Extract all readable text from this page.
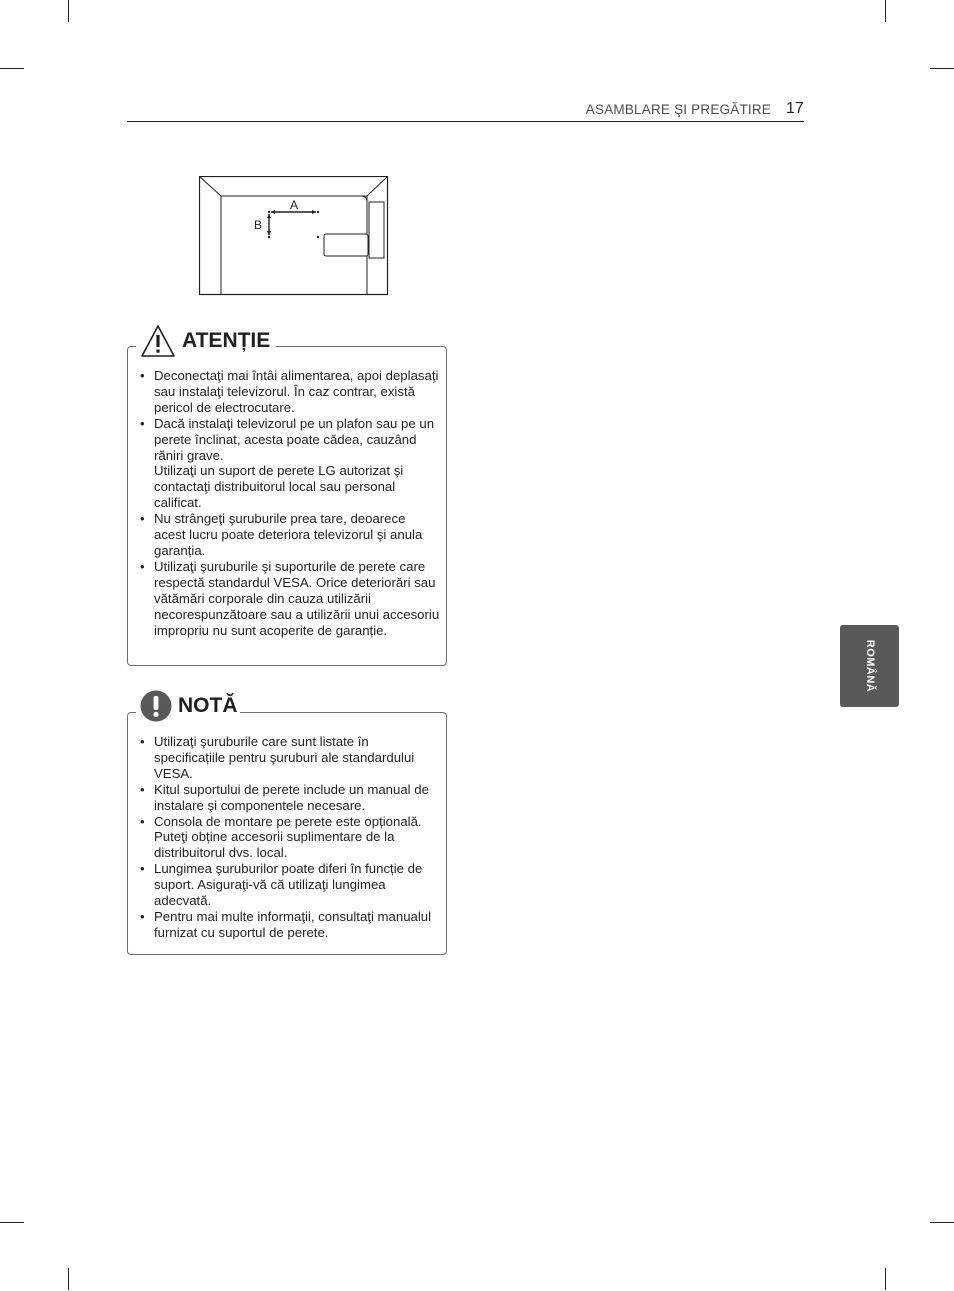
ASAMBLARE ŞI PREGĂTIRE 17
A
B
ATENȚIE
• Deconectaţi mai întâi alimentarea, apoi deplasaţi sau instalaţi televizorul. În caz contrar, există pericol de electrocutare.
• Dacă instalaţi televizorul pe un plafon sau pe un perete înclinat, acesta poate cădea, cauzând răniri grave.
Utilizaţi un suport de perete LG autorizat şi contactaţi distribuitorul local sau personal calificat.
• Nu strângeţi şuruburile prea tare, deoarece acest lucru poate deteriora televizorul şi anula garanția.
• Utilizaţi şuruburile şi suporturile de perete care respectă standardul VESA. Orice deteriorări sau vătămări corporale din cauza utilizării necorespunzătoare sau a utilizării unui accesoriu impropriu nu sunt acoperite de garanție.
NOTĂ
• Utilizaţi şuruburile care sunt listate în specificațiile pentru şuruburi ale standardului VESA.
• Kitul suportului de perete include un manual de instalare şi componentele necesare.
• Consola de montare pe perete este opțională. Puteţi obține accesorii suplimentare de la distribuitorul dvs. local.
• Lungimea şuruburilor poate diferi în funcție de suport. Asiguraţi-vă că utilizaţi lungimea adecvată.
• Pentru mai multe informaţii, consultaţi manualul furnizat cu suportul de perete.
ROMÂNĂ
